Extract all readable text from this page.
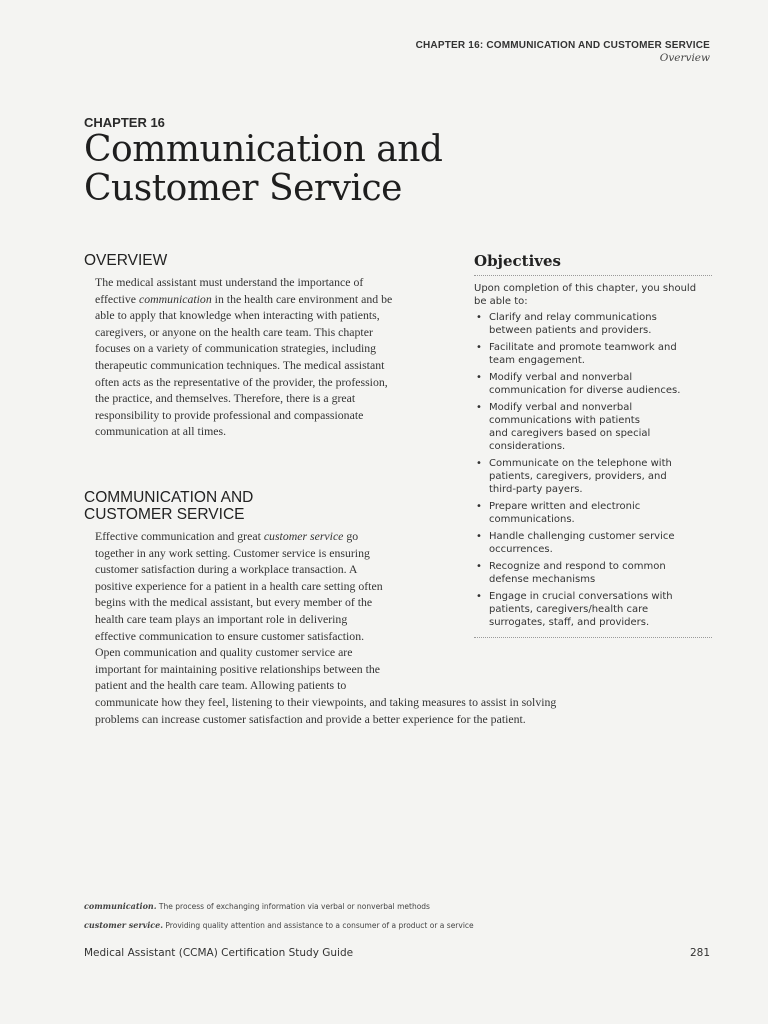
CHAPTER 16: COMMUNICATION AND CUSTOMER SERVICE
Overview
CHAPTER 16
Communication and
Customer Service
OVERVIEW

The medical assistant must understand the importance of
effective communication in the health care environment and be
able to apply that knowledge when interacting with patients,
caregivers, or anyone on the health care team. This chapter
focuses on a variety of communication strategies, including
therapeutic communication techniques. The medical assistant
often acts as the representative of the provider, the profession,
the practice, and themselves. Therefore, there is a great
responsibility to provide professional and compassionate
communication at all times.

COMMUNICATION AND
CUSTOMER SERVICE

Effective communication and great customer service go
together in any work setting. Customer service is ensuring
customer satisfaction during a workplace transaction. A
positive experience for a patient in a health care setting often
begins with the medical assistant, but every member of the
health care team plays an important role in delivering
effective communication to ensure customer satisfaction.
Open communication and quality customer service are
important for maintaining positive relationships between the
patient and the health care team. Allowing patients to
communicate how they feel, listening to their viewpoints, and taking measures to assist in solving
problems can increase customer satisfaction and provide a better experience for the patient.

Objectives
Upon completion of this chapter, you should
be able to:
• Clarify and relay communications
between patients and providers.
• Facilitate and promote teamwork and
team engagement.
• Modify verbal and nonverbal
communication for diverse audiences.
• Modify verbal and nonverbal
communications with patients
and caregivers based on special
considerations.
• Communicate on the telephone with
patients, caregivers, providers, and
third-party payers.
• Prepare written and electronic
communications.
• Handle challenging customer service
occurrences.
• Recognize and respond to common
defense mechanisms
• Engage in crucial conversations with
patients, caregivers/health care
surrogates, staff, and providers.
communication. The process of exchanging information via verbal or nonverbal methods
customer service. Providing quality attention and assistance to a consumer of a product or a service
Medical Assistant (CCMA) Certification Study Guide	281
